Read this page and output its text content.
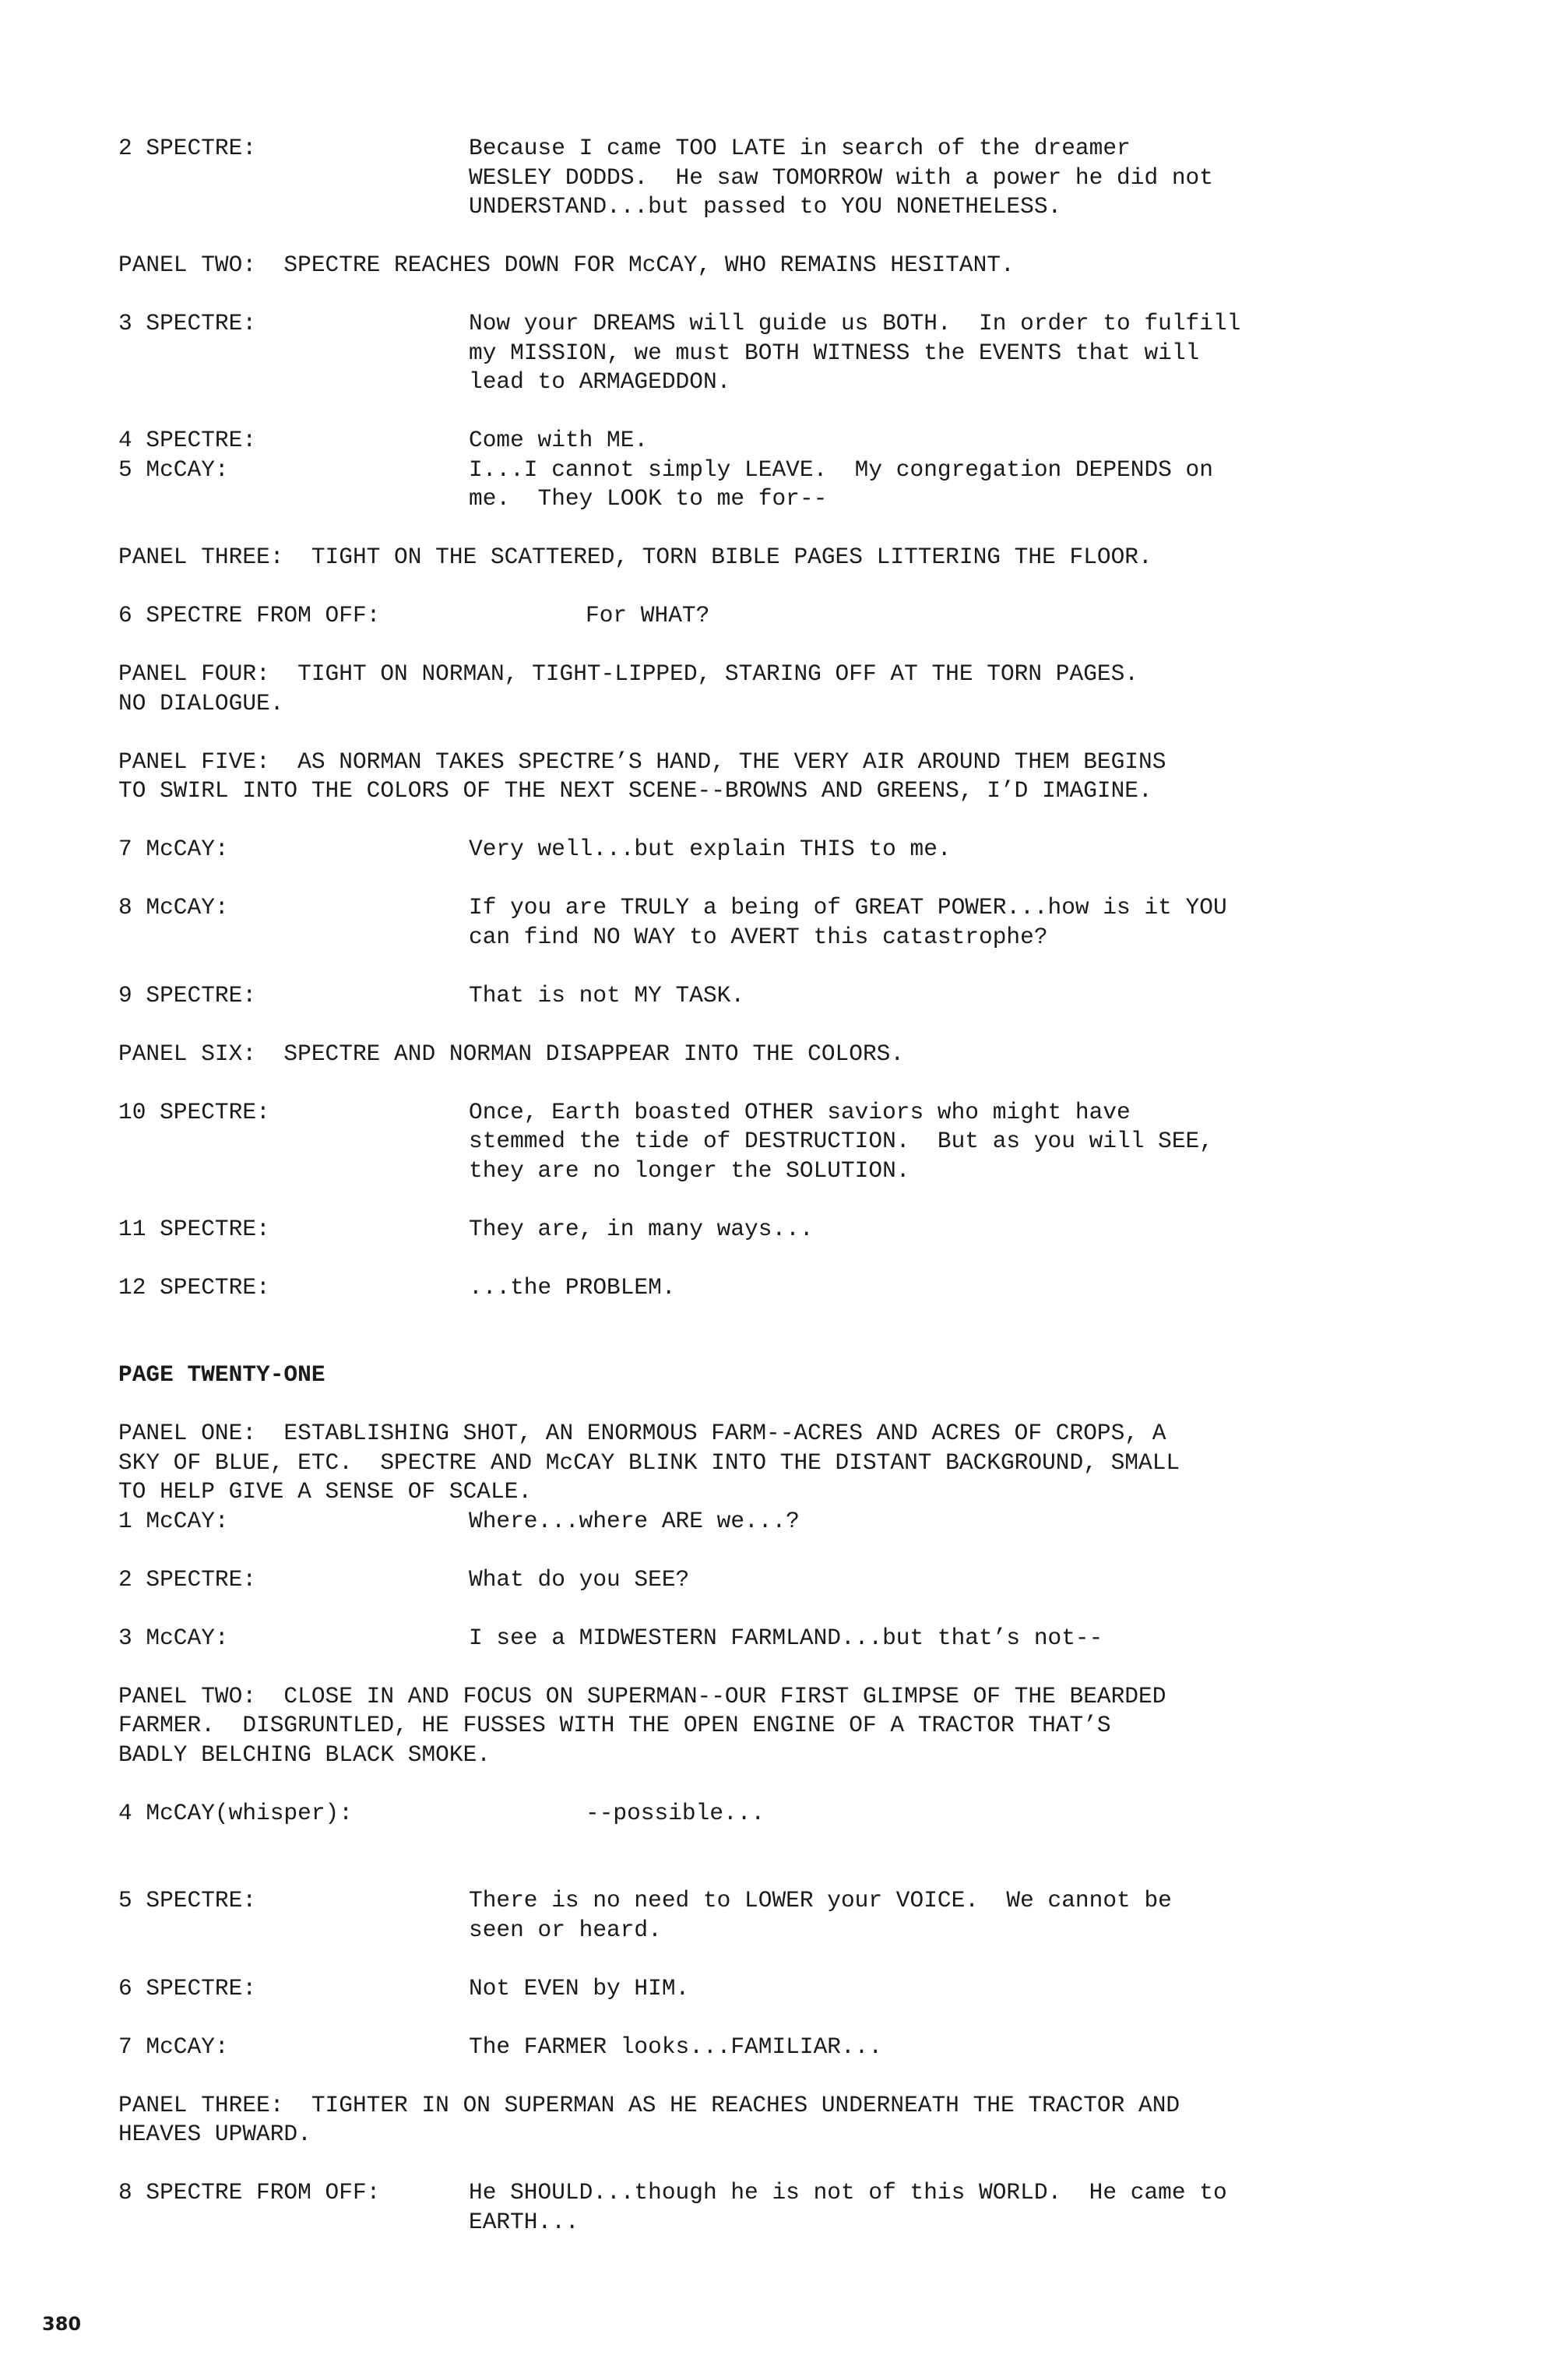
2 SPECTRE:	Because I came TOO LATE in search of the dreamer
WESLEY DODDS.  He saw TOMORROW with a power he did not
UNDERSTAND...but passed to YOU NONETHELESS.
PANEL TWO:  SPECTRE REACHES DOWN FOR McCAY, WHO REMAINS HESITANT.
3 SPECTRE:	Now your DREAMS will guide us BOTH.  In order to fulfill
my MISSION, we must BOTH WITNESS the EVENTS that will
lead to ARMAGEDDON.
4 SPECTRE:	Come with ME.
5 McCAY:	I...I cannot simply LEAVE.  My congregation DEPENDS on
me.  They LOOK to me for--
PANEL THREE:  TIGHT ON THE SCATTERED, TORN BIBLE PAGES LITTERING THE FLOOR.
6 SPECTRE FROM OFF:	For WHAT?
PANEL FOUR:  TIGHT ON NORMAN, TIGHT-LIPPED, STARING OFF AT THE TORN PAGES.
NO DIALOGUE.
PANEL FIVE:  AS NORMAN TAKES SPECTRE’S HAND, THE VERY AIR AROUND THEM BEGINS
TO SWIRL INTO THE COLORS OF THE NEXT SCENE--BROWNS AND GREENS, I’D IMAGINE.
7 McCAY:	Very well...but explain THIS to me.
8 McCAY:	If you are TRULY a being of GREAT POWER...how is it YOU
can find NO WAY to AVERT this catastrophe?
9 SPECTRE:	That is not MY TASK.
PANEL SIX:  SPECTRE AND NORMAN DISAPPEAR INTO THE COLORS.
10 SPECTRE:	Once, Earth boasted OTHER saviors who might have
stemmed the tide of DESTRUCTION.  But as you will SEE,
they are no longer the SOLUTION.
11 SPECTRE:	They are, in many ways...
12 SPECTRE:	...the PROBLEM.
PAGE TWENTY-ONE
PANEL ONE:  ESTABLISHING SHOT, AN ENORMOUS FARM--ACRES AND ACRES OF CROPS, A
SKY OF BLUE, ETC.  SPECTRE AND McCAY BLINK INTO THE DISTANT BACKGROUND, SMALL
TO HELP GIVE A SENSE OF SCALE.
1 McCAY:	Where...where ARE we...?
2 SPECTRE:	What do you SEE?
3 McCAY:	I see a MIDWESTERN FARMLAND...but that’s not--
PANEL TWO:  CLOSE IN AND FOCUS ON SUPERMAN--OUR FIRST GLIMPSE OF THE BEARDED
FARMER.  DISGRUNTLED, HE FUSSES WITH THE OPEN ENGINE OF A TRACTOR THAT’S
BADLY BELCHING BLACK SMOKE.
4 McCAY(whisper):	--possible...
5 SPECTRE:	There is no need to LOWER your VOICE.  We cannot be
seen or heard.
6 SPECTRE:	Not EVEN by HIM.
7 McCAY:	The FARMER looks...FAMILIAR...
PANEL THREE:  TIGHTER IN ON SUPERMAN AS HE REACHES UNDERNEATH THE TRACTOR AND
HEAVES UPWARD.
8 SPECTRE FROM OFF:	He SHOULD...though he is not of this WORLD.  He came to
EARTH...
380
